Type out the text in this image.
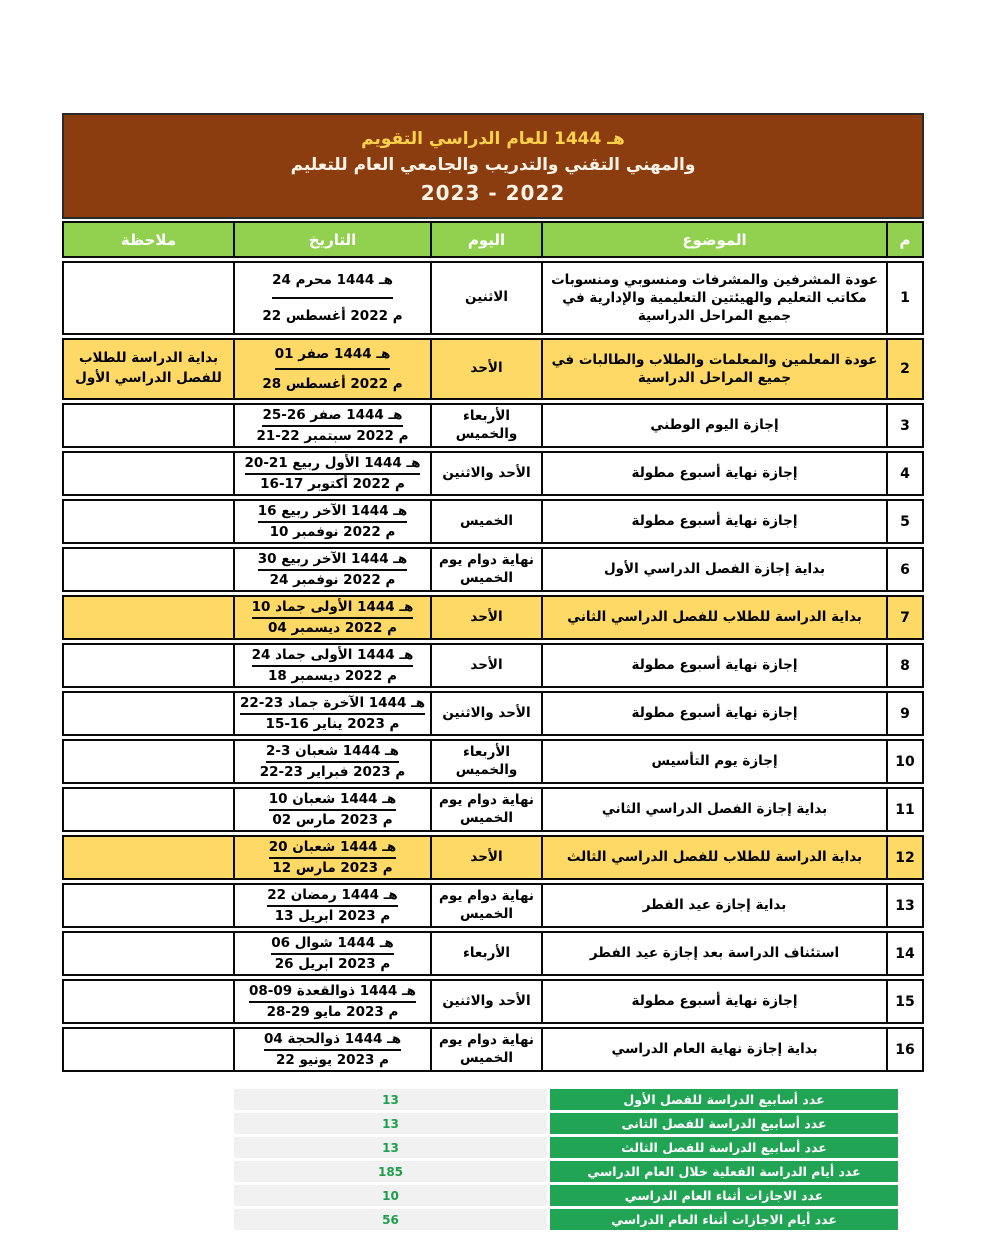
التقويم‎ الدراسي‎ للعام‎ 1444 هـ
للتعليم‎ العام‎ والجامعي‎ والتدريب‎ التقني‎ والمهني
2023 - 2022
م
الموضوع
اليوم
التاريخ
ملاحظة
1
عودة المشرفين والمشرفات ومنسوبي ومنسوبات مكاتب التعليم والهيئتين التعليمية والإدارية في جميع المراحل الدراسية
الاثنين
24 محرم‎ 1444 هـ
22 أغسطس‎ 2022 م
2
عودة المعلمين والمعلمات والطلاب والطالبات في جميع المراحل الدراسية
الأحد
01 صفر‎ 1444 هـ
28 أغسطس‎ 2022 م
بداية الدراسة للطلاب للفصل الدراسي الأول
3
إجازة اليوم الوطني
الأربعاء والخميس
25-26 صفر‎ 1444 هـ
21-22 سبتمبر‎ 2022 م
4
إجازة نهاية أسبوع مطولة
الأحد والاثنين
20-21 ربيع‎ الأول‎ 1444 هـ
16-17 أكتوبر‎ 2022 م
5
إجازة نهاية أسبوع مطولة
الخميس
16 ربيع‎ الآخر‎ 1444 هـ
10 نوفمبر‎ 2022 م
6
بداية إجازة الفصل الدراسي الأول
نهاية دوام يوم الخميس
30 ربيع‎ الآخر‎ 1444 هـ
24 نوفمبر‎ 2022 م
7
بداية الدراسة للطلاب للفصل الدراسي الثاني
الأحد
10 جماد‎ الأولى‎ 1444 هـ
04 ديسمبر‎ 2022 م
8
إجازة نهاية أسبوع مطولة
الأحد
24 جماد‎ الأولى‎ 1444 هـ
18 ديسمبر‎ 2022 م
9
إجازة نهاية أسبوع مطولة
الأحد والاثنين
22-23 جماد‎ الآخرة‎ 1444 هـ
15-16 يناير‎ 2023 م
10
إجازة يوم التأسيس
الأربعاء والخميس
2-3 شعبان‎ 1444 هـ
22-23 فبراير‎ 2023 م
11
بداية إجازة الفصل الدراسي الثاني
نهاية دوام يوم الخميس
10 شعبان‎ 1444 هـ
02 مارس‎ 2023 م
12
بداية الدراسة للطلاب للفصل الدراسي الثالث
الأحد
20 شعبان‎ 1444 هـ
12 مارس‎ 2023 م
13
بداية إجازة عيد الفطر
نهاية دوام يوم الخميس
22 رمضان‎ 1444 هـ
13 ابريل‎ 2023 م
14
استئناف الدراسة بعد إجازة عيد الفطر
الأربعاء
06 شوال‎ 1444 هـ
26 ابريل‎ 2023 م
15
إجازة نهاية أسبوع مطولة
الأحد والاثنين
08-09 ذوالقعدة‎ 1444 هـ
28-29 مايو‎ 2023 م
16
بداية إجازة نهاية العام الدراسي
نهاية دوام يوم الخميس
04 ذوالحجة‎ 1444 هـ
22 يونيو‎ 2023 م
عدد أسابيع الدراسة للفصل الأول
13
عدد أسابيع الدراسة للفصل الثانى
13
عدد أسابيع الدراسة للفصل الثالث
13
عدد أيام الدراسة الفعلية خلال العام الدراسي
185
عدد الاجازات أثناء العام الدراسي
10
عدد أيام الاجازات أثناء العام الدراسي
56
